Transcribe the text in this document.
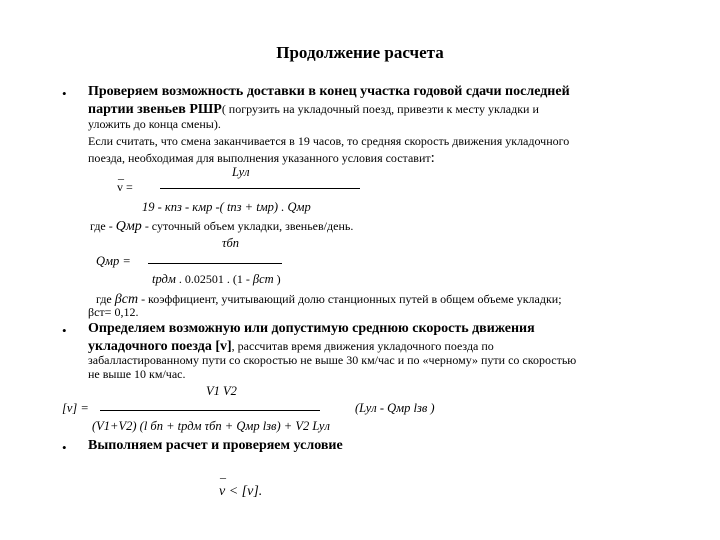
Продолжение расчета
• Проверяем возможность доставки в конец участка годовой сдачи последней
партии звеньев РШР( погрузить на укладочный поезд, привезти к месту укладки и
уложить до конца смены).
Если считать, что смена заканчивается в 19 часов, то средняя скорость движения укладочного
поезда, необходимая для выполнения указанного условия составит:
_	Lyл
v =
19 - кпз - кмр -( tпз + tмр) . Qмр
где - Qмр - суточный объем укладки, звеньев/день.
τбп
Qмр =
tрдм . 0.02501 . (1 - βст )
где βст - коэффициент, учитывающий долю станционных путей в общем объеме укладки;
βст= 0,12.
• Определяем возможную или допустимую среднюю скорость движения
укладочного поезда [v], рассчитав время движения укладочного поезда по
забалластированному пути со скоростью не выше 30 км/час и по «черному» пути со скоростью
не выше 10 км/час.
V1 V2
[v] =	(Lyл - Qмр lзв )
(V1+V2) (l бп + tрдм τбп + Qмр lзв) + V2 Lyл
• Выполняем расчет и проверяем условие
_
v < [v].
